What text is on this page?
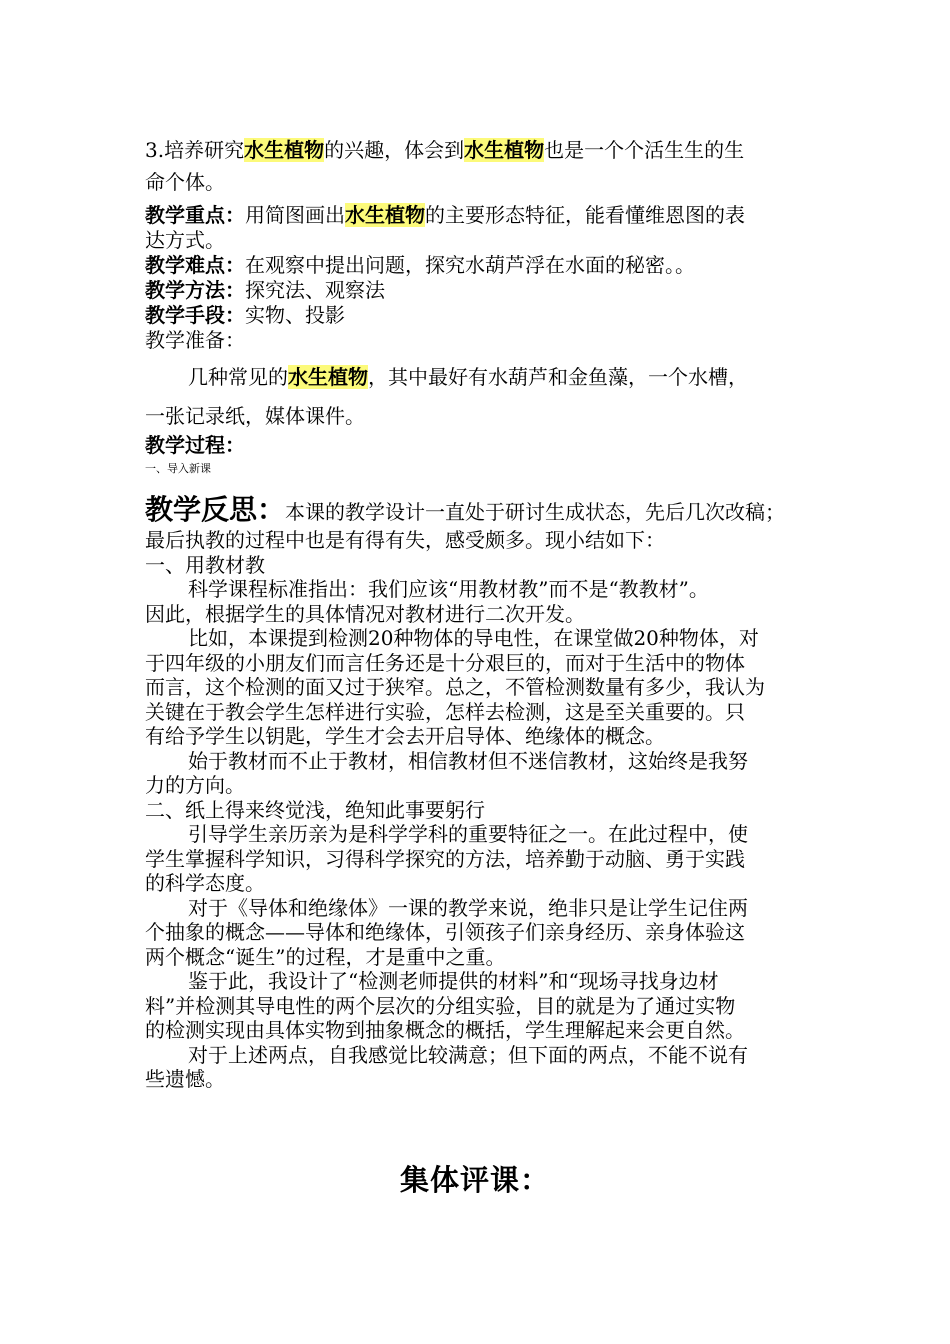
3.培养研究水生植物的兴趣，体会到水生植物也是一个个活生生的生
命个体。
教学重点：用简图画出水生植物的主要形态特征，能看懂维恩图的表
达方式。
教学难点：在观察中提出问题，探究水葫芦浮在水面的秘密。。
教学方法：探究法、观察法
教学手段：实物、投影
教学准备：
几种常见的水生植物，其中最好有水葫芦和金鱼藻，一个水槽，
一张记录纸，媒体课件。
教学过程：
一、导入新课
教学反思：本课的教学设计一直处于研讨生成状态，先后几次改稿；
最后执教的过程中也是有得有失，感受颇多。现小结如下：
一、用教材教
科学课程标准指出：我们应该“用教材教”而不是“教教材”。
因此，根据学生的具体情况对教材进行二次开发。
比如，本课提到检测20种物体的导电性，在课堂做20种物体，对
于四年级的小朋友们而言任务还是十分艰巨的，而对于生活中的物体
而言，这个检测的面又过于狭窄。总之，不管检测数量有多少，我认为
关键在于教会学生怎样进行实验，怎样去检测，这是至关重要的。只
有给予学生以钥匙，学生才会去开启导体、绝缘体的概念。
始于教材而不止于教材，相信教材但不迷信教材，这始终是我努
力的方向。
二、纸上得来终觉浅，绝知此事要躬行
引导学生亲历亲为是科学学科的重要特征之一。在此过程中，使
学生掌握科学知识，习得科学探究的方法，培养勤于动脑、勇于实践
的科学态度。
对于《导体和绝缘体》一课的教学来说，绝非只是让学生记住两
个抽象的概念——导体和绝缘体，引领孩子们亲身经历、亲身体验这
两个概念“诞生”的过程，才是重中之重。
鉴于此，我设计了“检测老师提供的材料”和“现场寻找身边材
料”并检测其导电性的两个层次的分组实验，目的就是为了通过实物
的检测实现由具体实物到抽象概念的概括，学生理解起来会更自然。
对于上述两点，自我感觉比较满意；但下面的两点，不能不说有
些遗憾。
集体评课：
